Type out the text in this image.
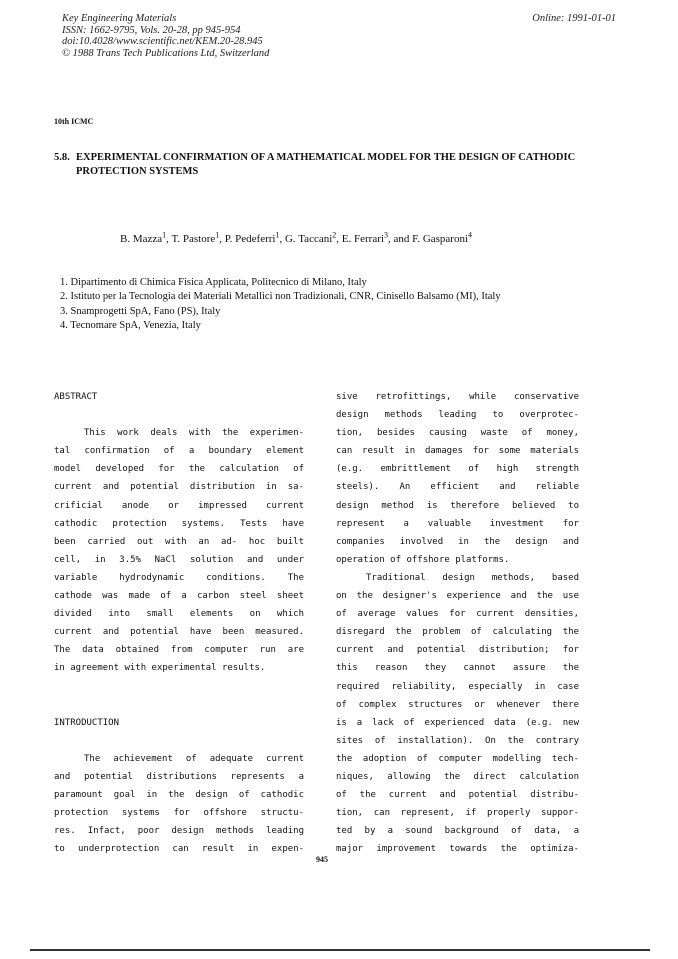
Key Engineering Materials
ISSN: 1662-9795, Vols. 20-28, pp 945-954
doi:10.4028/www.scientific.net/KEM.20-28.945
© 1988 Trans Tech Publications Ltd, Switzerland
Online: 1991-01-01
10th ICMC
5.8. EXPERIMENTAL CONFIRMATION OF A MATHEMATICAL MODEL FOR THE DESIGN OF CATHODIC
PROTECTION SYSTEMS
B. Mazza$^1$, T. Pastore$^1$, P. Pedeferri$^1$, G. Taccani$^2$, E. Ferrari$^3$, and F. Gasparoni$^4$
1. Dipartimento di Chimica Fisica Applicata, Politecnico di Milano, Italy
2. Istituto per la Tecnologia dei Materiali Metallici non Tradizionali, CNR, Cinisello Balsamo (MI), Italy
3. Snamprogetti SpA, Fano (PS), Italy
4. Tecnomare SpA, Venezia, Italy
ABSTRACT
This work deals with the experimen-
tal confirmation of a boundary element
model developed for the calculation of
current and potential distribution in sa-
crificial anode or impressed current
cathodic protection systems. Tests have
been carried out with an ad- hoc built
cell, in 3.5% NaCl solution and under
variable hydrodynamic conditions. The
cathode was made of a carbon steel sheet
divided into small elements on which
current and potential have been measured.
The data obtained from computer run are
in agreement with experimental results.
INTRODUCTION
The achievement of adequate current
and potential distributions represents a
paramount goal in the design of cathodic
protection systems for offshore structu-
res. Infact, poor design methods leading
to underprotection can result in expen-
sive retrofittings, while conservative
design methods leading to overprotec-
tion, besides causing waste of money,
can result in damages for some materials
(e.g. embrittlement of high strength
steels). An efficient and reliable
design method is therefore believed to
represent a valuable investment for
companies involved in the design and
operation of offshore platforms.
Traditional design methods, based
on the designer's experience and the use
of average values for current densities,
disregard the problem of calculating the
current and potential distribution; for
this reason they cannot assure the
required reliability, especially in case
of complex structures or whenever there
is a lack of experienced data (e.g. new
sites of installation). On the contrary
the adoption of computer modelling tech-
niques, allowing the direct calculation
of the current and potential distribu-
tion, can represent, if properly suppor-
ted by a sound background of data, a
major improvement towards the optimiza-
945
